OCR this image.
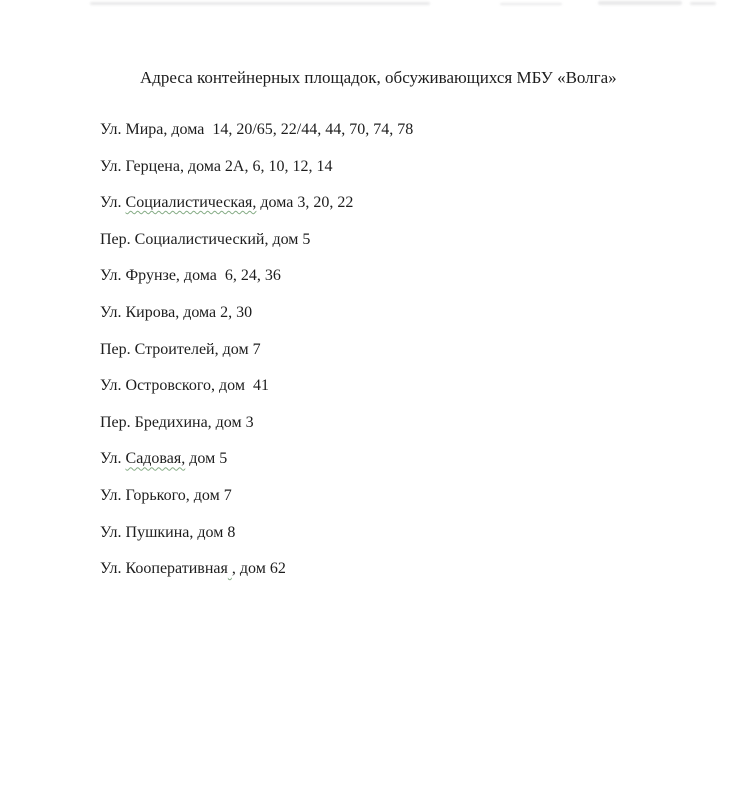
Адреса контейнерных площадок, обсуживающихся МБУ «Волга»
Ул. Мира, дома  14, 20/65, 22/44, 44, 70, 74, 78
Ул. Герцена, дома 2А, 6, 10, 12, 14
Ул. Социалистическая, дома 3, 20, 22
Пер. Социалистический, дом 5
Ул. Фрунзе, дома  6, 24, 36
Ул. Кирова, дома 2, 30
Пер. Строителей, дом 7
Ул. Островского, дом  41
Пер. Бредихина, дом 3
Ул. Садовая, дом 5
Ул. Горького, дом 7
Ул. Пушкина, дом 8
Ул. Кооперативная , дом 62
